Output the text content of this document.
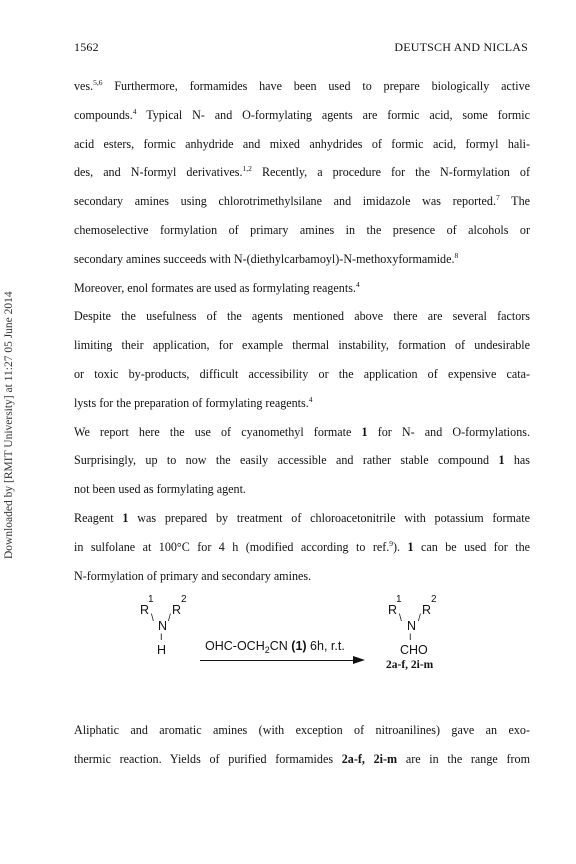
1562	DEUTSCH AND NICLAS
Downloaded by [RMIT University] at 11:27 05 June 2014
ves.$^{5,6}$ Furthermore, formamides have been used to prepare biologically active
compounds.$^4$ Typical N- and O-formylating agents are formic acid, some formic
acid esters, formic anhydride and mixed anhydrides of formic acid, formyl hali-
des, and N-formyl derivatives.$^{1,2}$ Recently, a procedure for the N-formylation of
secondary amines using chlorotrimethylsilane and imidazole was reported.$^7$ The
chemoselective formylation of primary amines in the presence of alcohols or
secondary amines succeeds with N-(diethylcarbamoyl)-N-methoxyformamide.$^8$
Moreover, enol formates are used as formylating reagents.$^4$
Despite the usefulness of the agents mentioned above there are several factors
limiting their application, for example thermal instability, formation of undesirable
or toxic by-products, difficult accessibility or the application of expensive cata-
lysts for the preparation of formylating reagents.$^4$
We report here the use of cyanomethyl formate 1 for N- and O-formylations.
Surprisingly, up to now the easily accessible and rather stable compound 1 has
not been used as formylating agent.
Reagent 1 was prepared by treatment of chloroacetonitrile with potassium formate
in sulfolane at 100°C for 4 h (modified according to ref.$^9$). 1 can be used for the
N-formylation of primary and secondary amines.
$R^1$
$R^2$
\ /
N
I
H	OHC-$OCH_2CN$ (1) 6h, r.t.
$R^1$
$R^2$
\ /
N
I
CHO
2a-f, 2i-m
Aliphatic and aromatic amines (with exception of nitroanilines) gave an exo-
thermic reaction. Yields of purified formamides 2a-f, 2i-m are in the range from
